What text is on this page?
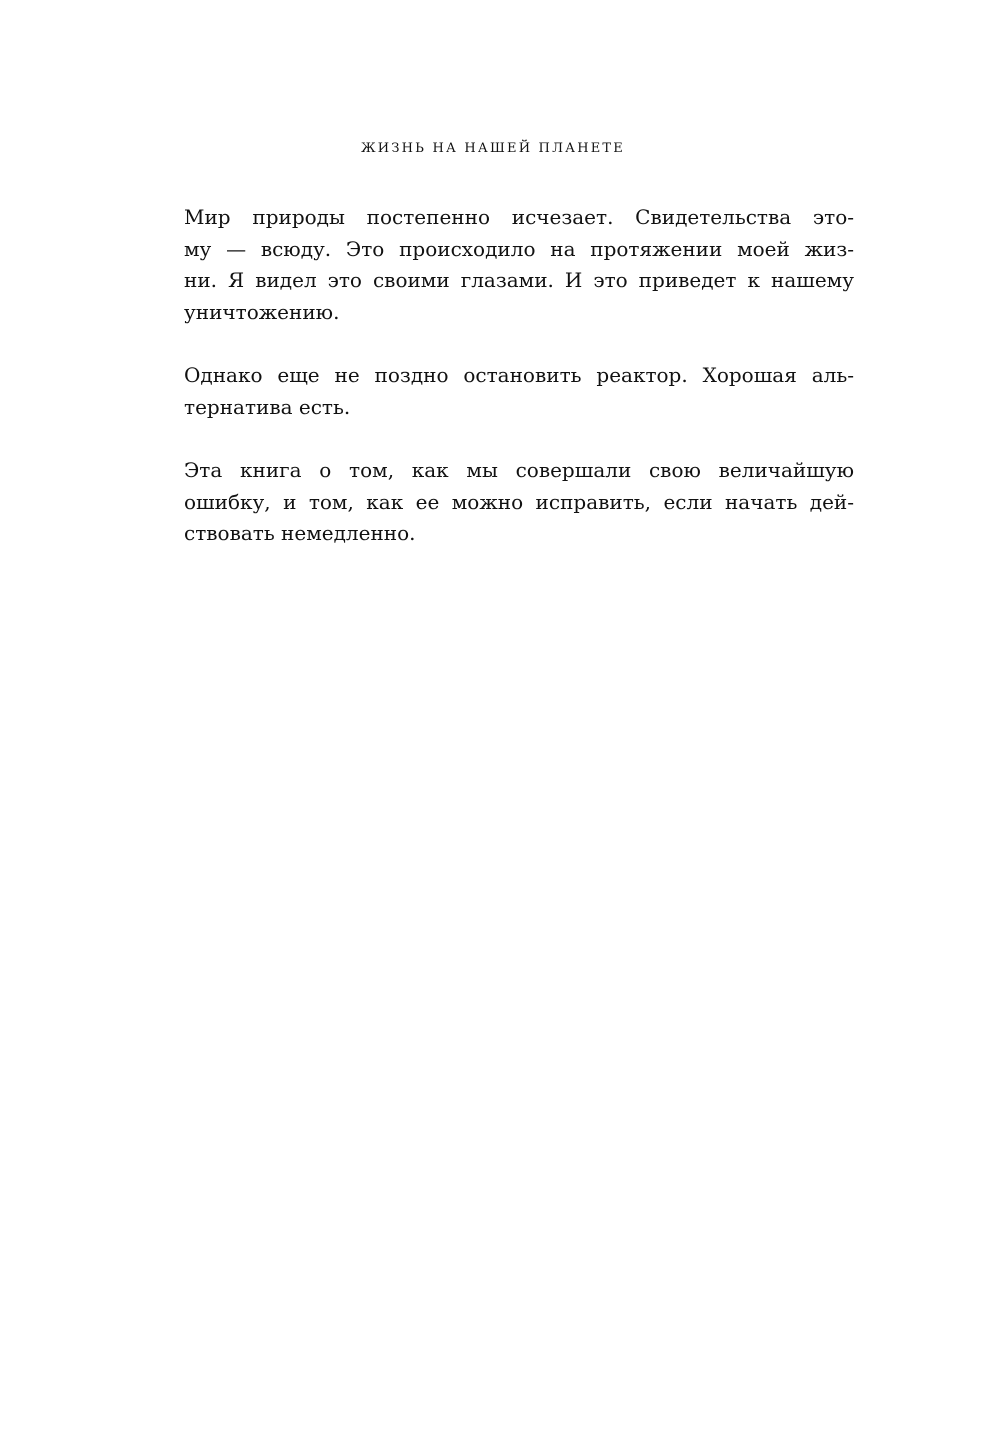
ЖИЗНЬ НА НАШЕЙ ПЛАНЕТЕ
Мир природы постепенно исчезает. Свидетельства это-
му — всюду. Это происходило на протяжении моей жиз-
ни. Я видел это своими глазами. И это приведет к нашему
уничтожению.
Однако еще не поздно остановить реактор. Хорошая аль-
тернатива есть.
Эта книга о том, как мы совершали свою величайшую
ошибку, и том, как ее можно исправить, если начать дей-
ствовать немедленно.
